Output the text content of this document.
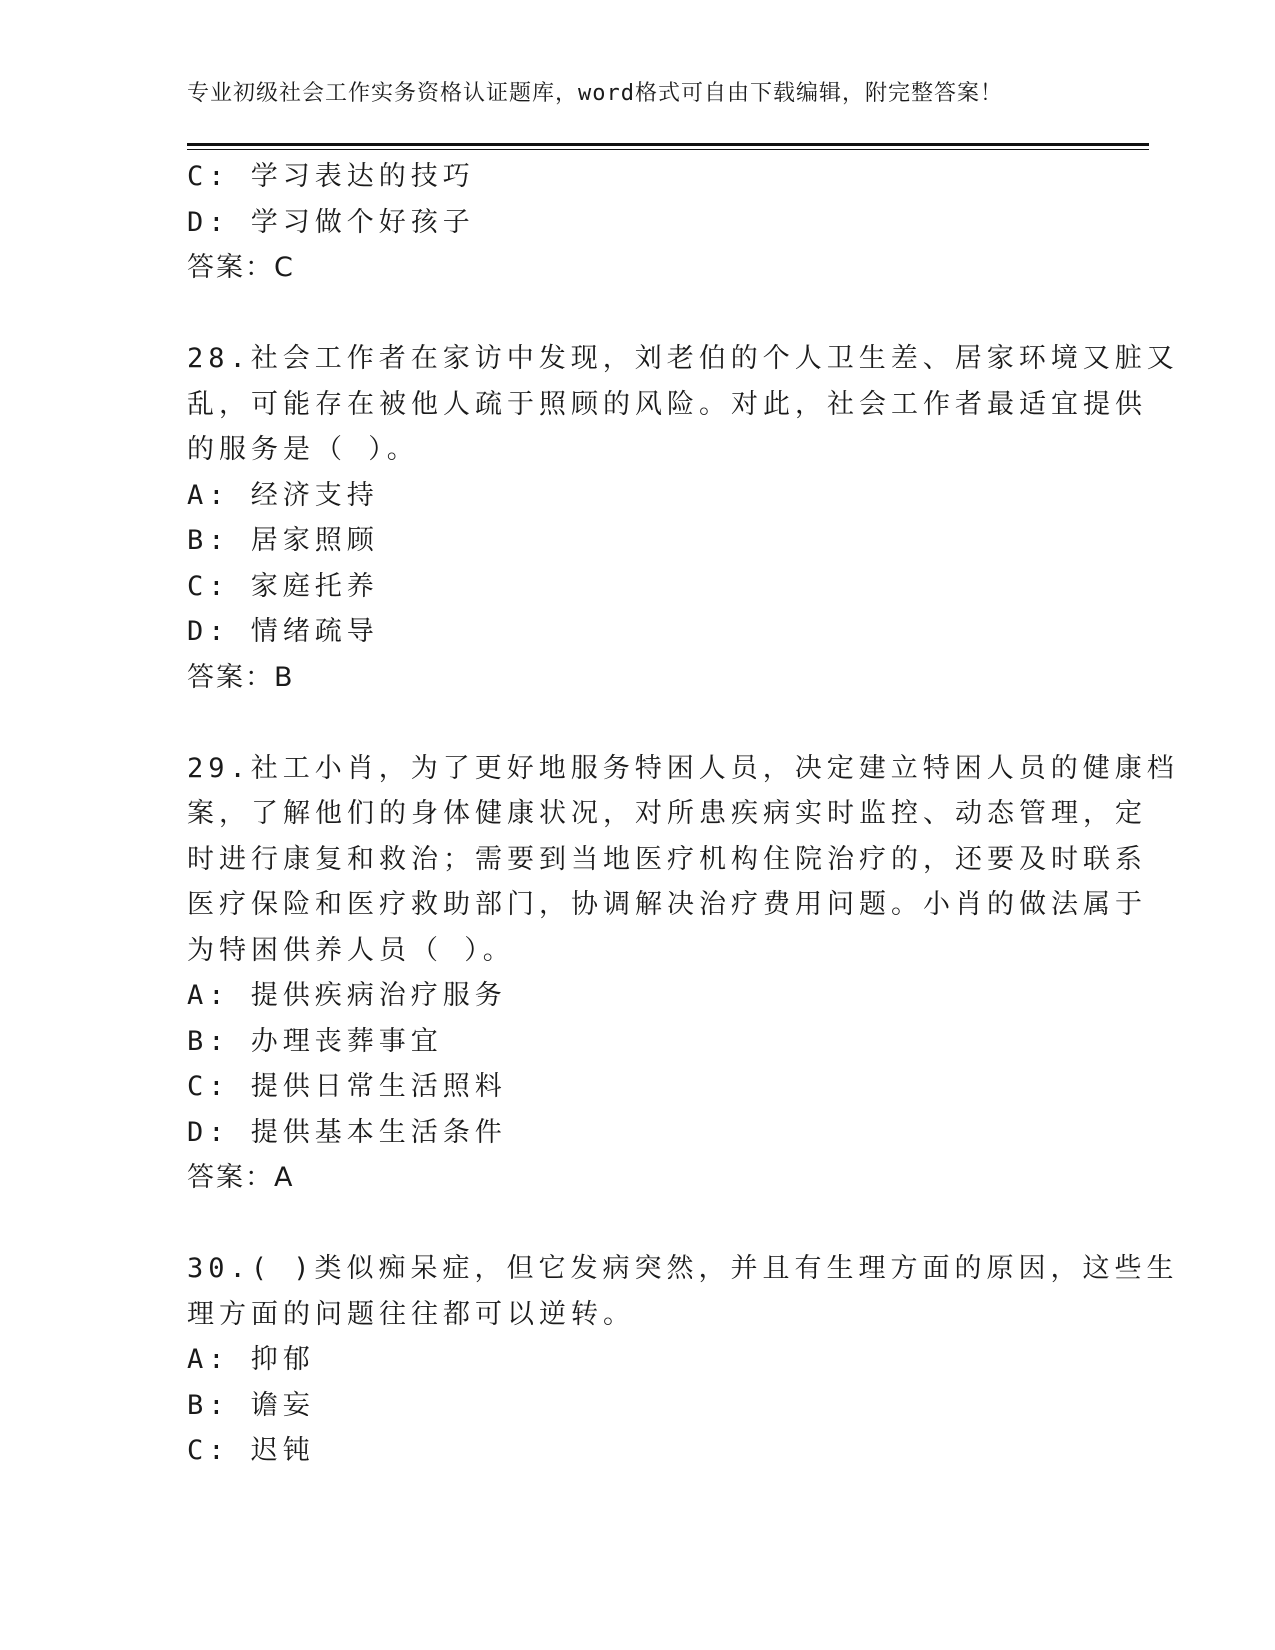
专业初级社会工作实务资格认证题库，word格式可自由下载编辑，附完整答案！
C: 学习表达的技巧
D: 学习做个好孩子
答案：C
28.社会工作者在家访中发现，刘老伯的个人卫生差、居家环境又脏又
乱，可能存在被他人疏于照顾的风险。对此，社会工作者最适宜提供
的服务是（ ）。
A: 经济支持
B: 居家照顾
C: 家庭托养
D: 情绪疏导
答案：B
29.社工小肖，为了更好地服务特困人员，决定建立特困人员的健康档
案，了解他们的身体健康状况，对所患疾病实时监控、动态管理，定
时进行康复和救治；需要到当地医疗机构住院治疗的，还要及时联系
医疗保险和医疗救助部门，协调解决治疗费用问题。小肖的做法属于
为特困供养人员（ ）。
A: 提供疾病治疗服务
B: 办理丧葬事宜
C: 提供日常生活照料
D: 提供基本生活条件
答案：A
30.( )类似痴呆症，但它发病突然，并且有生理方面的原因，这些生
理方面的问题往往都可以逆转。
A: 抑郁
B: 谵妄
C: 迟钝
